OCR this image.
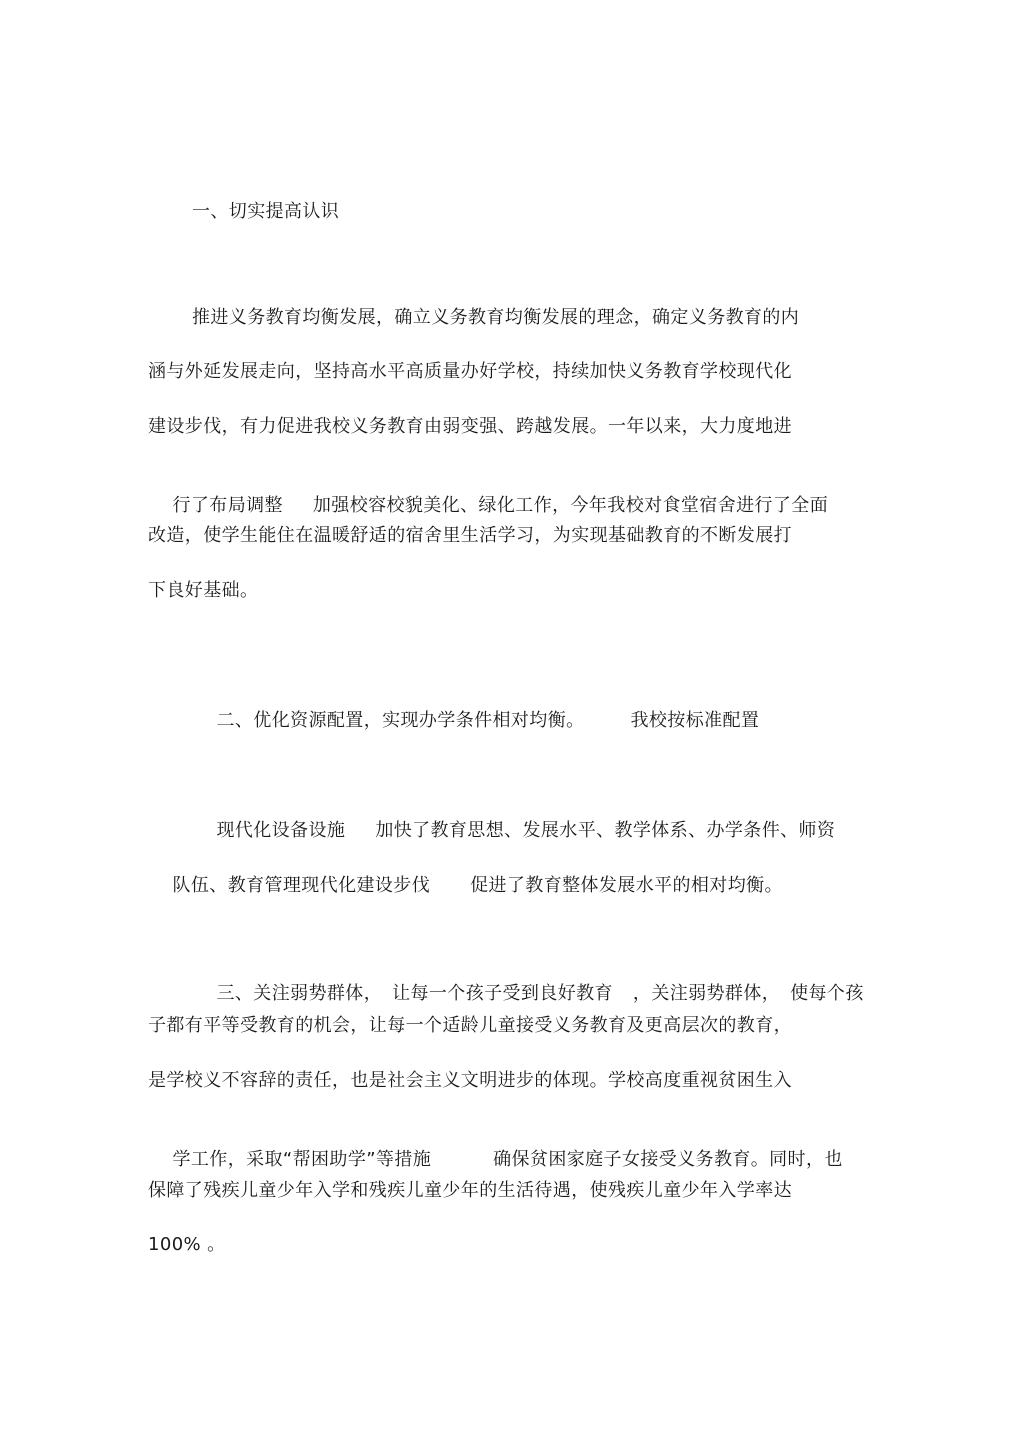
一、切实提高认识
推进义务教育均衡发展，确立义务教育均衡发展的理念，确定义务教育的内
涵与外延发展走向，坚持高水平高质量办好学校，持续加快义务教育学校现代化
建设步伐，有力促进我校义务教育由弱变强、跨越发展。一年以来，大力度地进

行了布局调整 加强校容校貌美化、绿化工作，今年我校对食堂宿舍进行了全面

改造，使学生能住在温暖舒适的宿舍里生活学习，为实现基础教育的不断发展打
下良好基础。

二、优化资源配置，实现办学条件相对均衡。	我校按标准配置

现代化设备设施 加快了教育思想、发展水平、教学体系、办学条件、师资

队伍、教育管理现代化建设步伐 促进了教育整体发展水平的相对均衡。

三、关注弱势群体， 让每一个孩子受到良好教育 ，关注弱势群体， 使每个孩

子都有平等受教育的机会，让每一个适龄儿童接受义务教育及更高层次的教育，
是学校义不容辞的责任，也是社会主义文明进步的体现。学校高度重视贫困生入

学工作，采取“帮困助学”等措施	确保贫困家庭子女接受义务教育。同时，也

保障了残疾儿童少年入学和残疾儿童少年的生活待遇，使残疾儿童少年入学率达
100% 。
